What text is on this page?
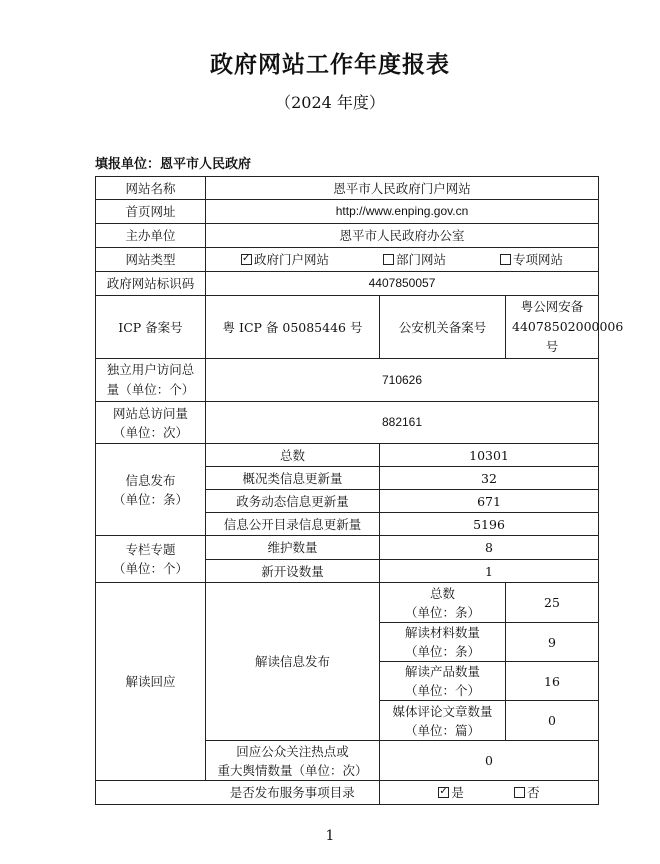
政府网站工作年度报表
（2024 年度）
填报单位：恩平市人民政府
网站名称	恩平市人民政府门户网站		
首页网址	http://www.enping.gov.cn		
主办单位	恩平市人民政府办公室		
网站类型	
✓政府门户网站 部门网站 专项网站

政府网站标识码	4407850057		
ICP 备案号	粤 ICP 备 05085446 号	公安机关备案号	粤公网安备 44078502000006 号
独立用户访问总量（单位：个）	710626		

网站总访问量
（单位：次）	882161		

信息发布
（单位：条）	总数	10301	
	概况类信息更新量	32	
	政务动态信息更新量	671	
	信息公开目录信息更新量	5196	

专栏专题
（单位：个）	维护数量	8	
	新开设数量	1	
解读回应	解读信息发布	总数
（单位：条）	25

		解读材料数量
（单位：条）	9

		解读产品数量
（单位：个）	16

		媒体评论文章数量
（单位：篇）	0

	回应公众关注热点或
重大舆情数量（单位：次）	0	
	是否发布服务事项目录	
✓是 否
1
